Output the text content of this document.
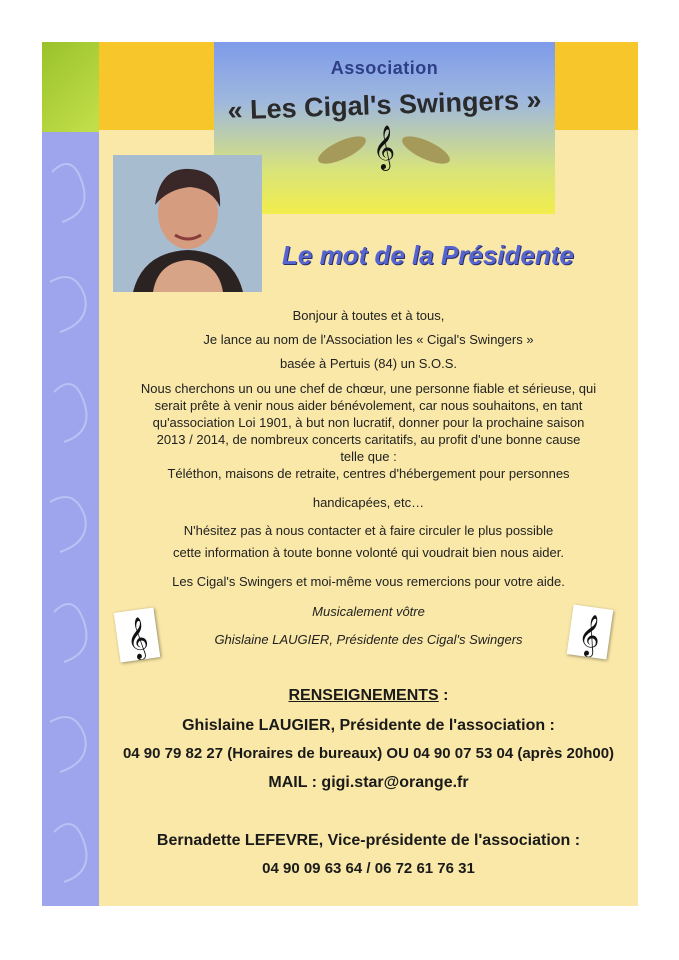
Association
« Les Cigal's Swingers »
𝄞
Le mot de la Présidente
Bonjour à toutes et à tous,
Je lance au nom de l'Association les « Cigal's Swingers »
basée à Pertuis (84) un S.O.S.
Nous cherchons un ou une chef de chœur, une personne fiable et sérieuse, qui
serait prête à venir nous aider bénévolement, car nous souhaitons, en tant
qu'association Loi 1901, à but non lucratif, donner pour la prochaine saison
2013 / 2014, de nombreux concerts caritatifs, au profit d'une bonne cause
telle que :
Téléthon, maisons de retraite, centres d'hébergement pour personnes
handicapées, etc…
N'hésitez pas à nous contacter et à faire circuler le plus possible
cette information à toute bonne volonté qui voudrait bien nous aider.
Les Cigal's Swingers et moi-même vous remercions pour votre aide.
Musicalement vôtre
Ghislaine LAUGIER, Présidente des Cigal's Swingers
𝄞	𝄞
RENSEIGNEMENTS :
Ghislaine LAUGIER, Présidente de l'association :
04 90 79 82 27 (Horaires de bureaux) OU 04 90 07 53 04 (après 20h00)
MAIL : gigi.star@orange.fr
Bernadette LEFEVRE, Vice-présidente de l'association :
04 90 09 63 64 / 06 72 61 76 31
